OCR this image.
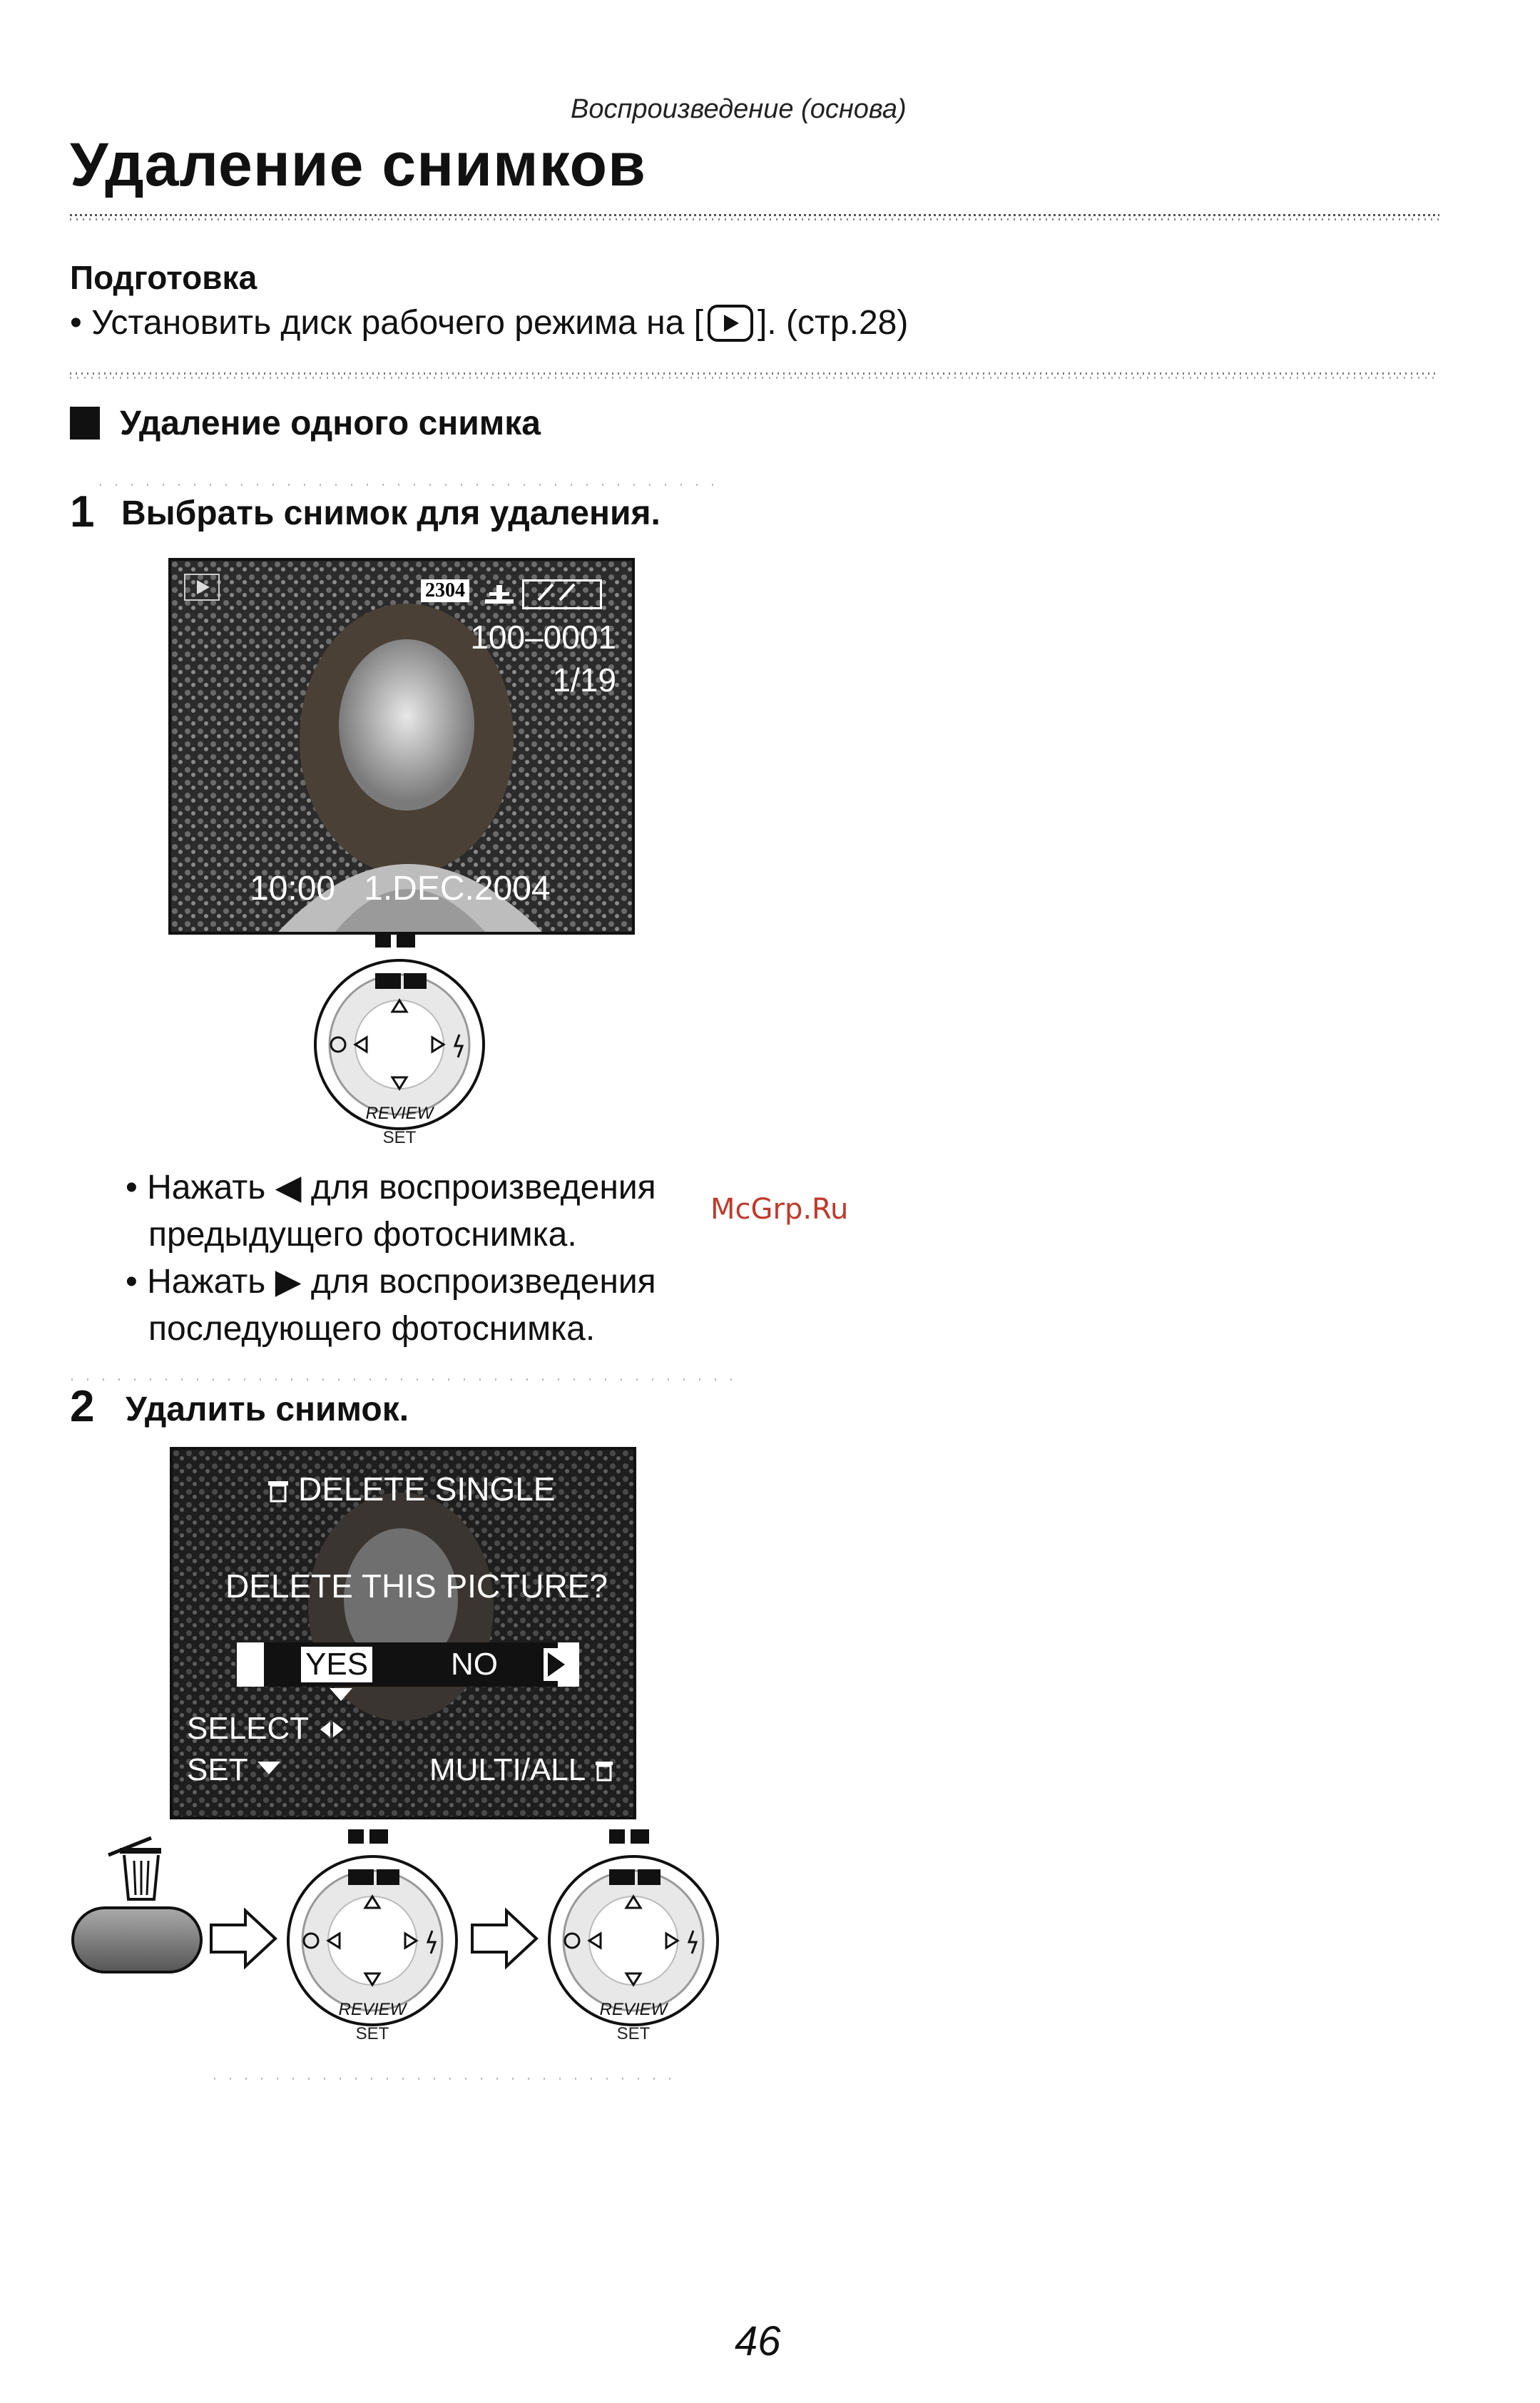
Воспроизведение (основа)
Удаление снимков
Подготовка
• Установить диск рабочего режима на [ ]. (стр.28)
Удаление одного снимка
1 Выбрать снимок для удаления.
2304
100–0001
1/19
10:00   1.DEC.2004
REVIEW
SET
• Нажать ◀ для воспроизведения
предыдущего фотоснимка.
• Нажать ▶ для воспроизведения
последующего фотоснимка.
McGrp.Ru
2 Удалить снимок.
DELETE SINGLE
DELETE THIS PICTURE?
YES	NO
SELECT
SET	MULTI/ALL
REVIEW
SET
REVIEW
SET
46
